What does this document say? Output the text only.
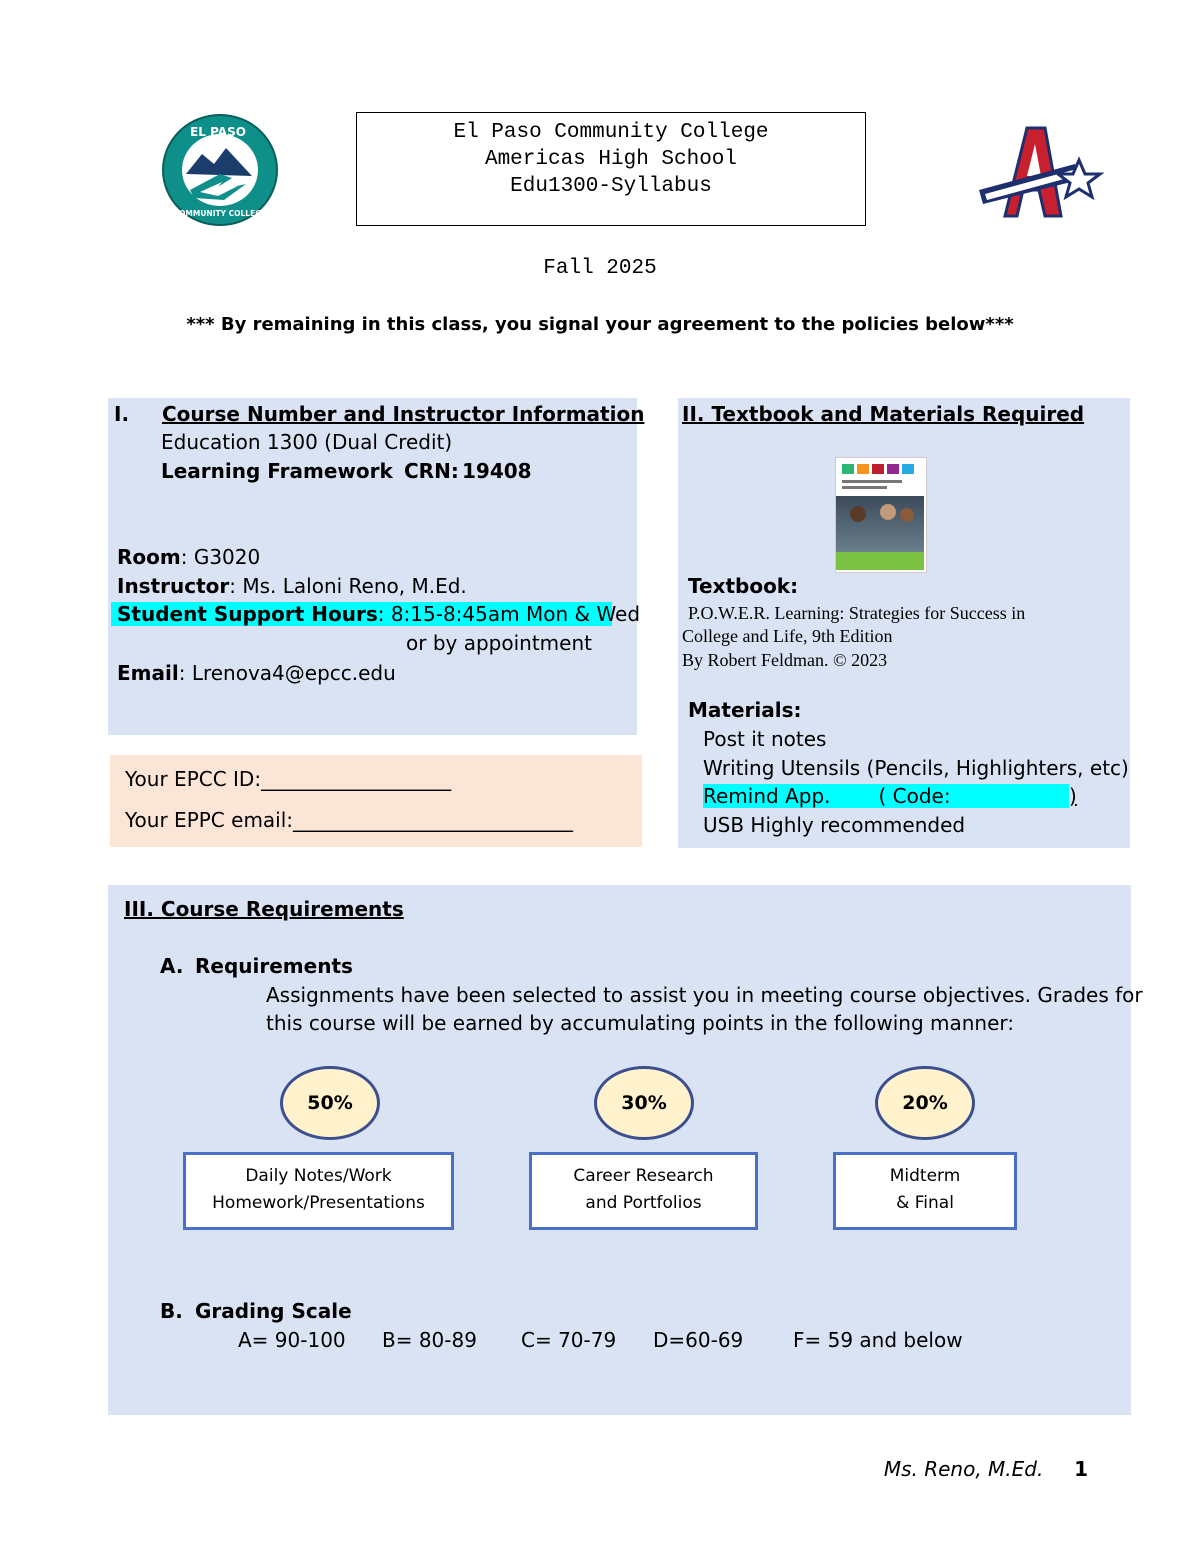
EL PASO
COMMUNITY COLLEGE
El Paso Community College
Americas High School
Edu1300-Syllabus
A
Fall 2025
*** By remaining in this class, you signal your agreement to the policies below***
I. Course Number and Instructor Information
Education 1300 (Dual Credit)
Learning Framework CRN: 19408
Room: G3020
Instructor: Ms. Laloni Reno, M.Ed.
Student Support Hours: 8:15-8:45am Mon & Wed
or by appointment
Email: Lrenova4@epcc.edu
Your EPCC ID:___________________
Your EPPC email:____________________________
II. Textbook and Materials Required
Textbook:
P.O.W.E.R. Learning: Strategies for Success in
College and Life, 9th Edition
By Robert Feldman. © 2023
Materials:
Post it notes
Writing Utensils (Pencils, Highlighters, etc)
Remind App. ( Code:	)
USB Highly recommended
III. Course Requirements
A. Requirements
Assignments have been selected to assist you in meeting course objectives. Grades for
this course will be earned by accumulating points in the following manner:
50%
Daily Notes/Work
Homework/Presentations
30%
Career Research
and Portfolios
20%
Midterm
& Final
B. Grading Scale
A= 90-100 B= 80-89 C= 70-79 D=60-69 F= 59 and below
Ms. Reno, M.Ed. 1
